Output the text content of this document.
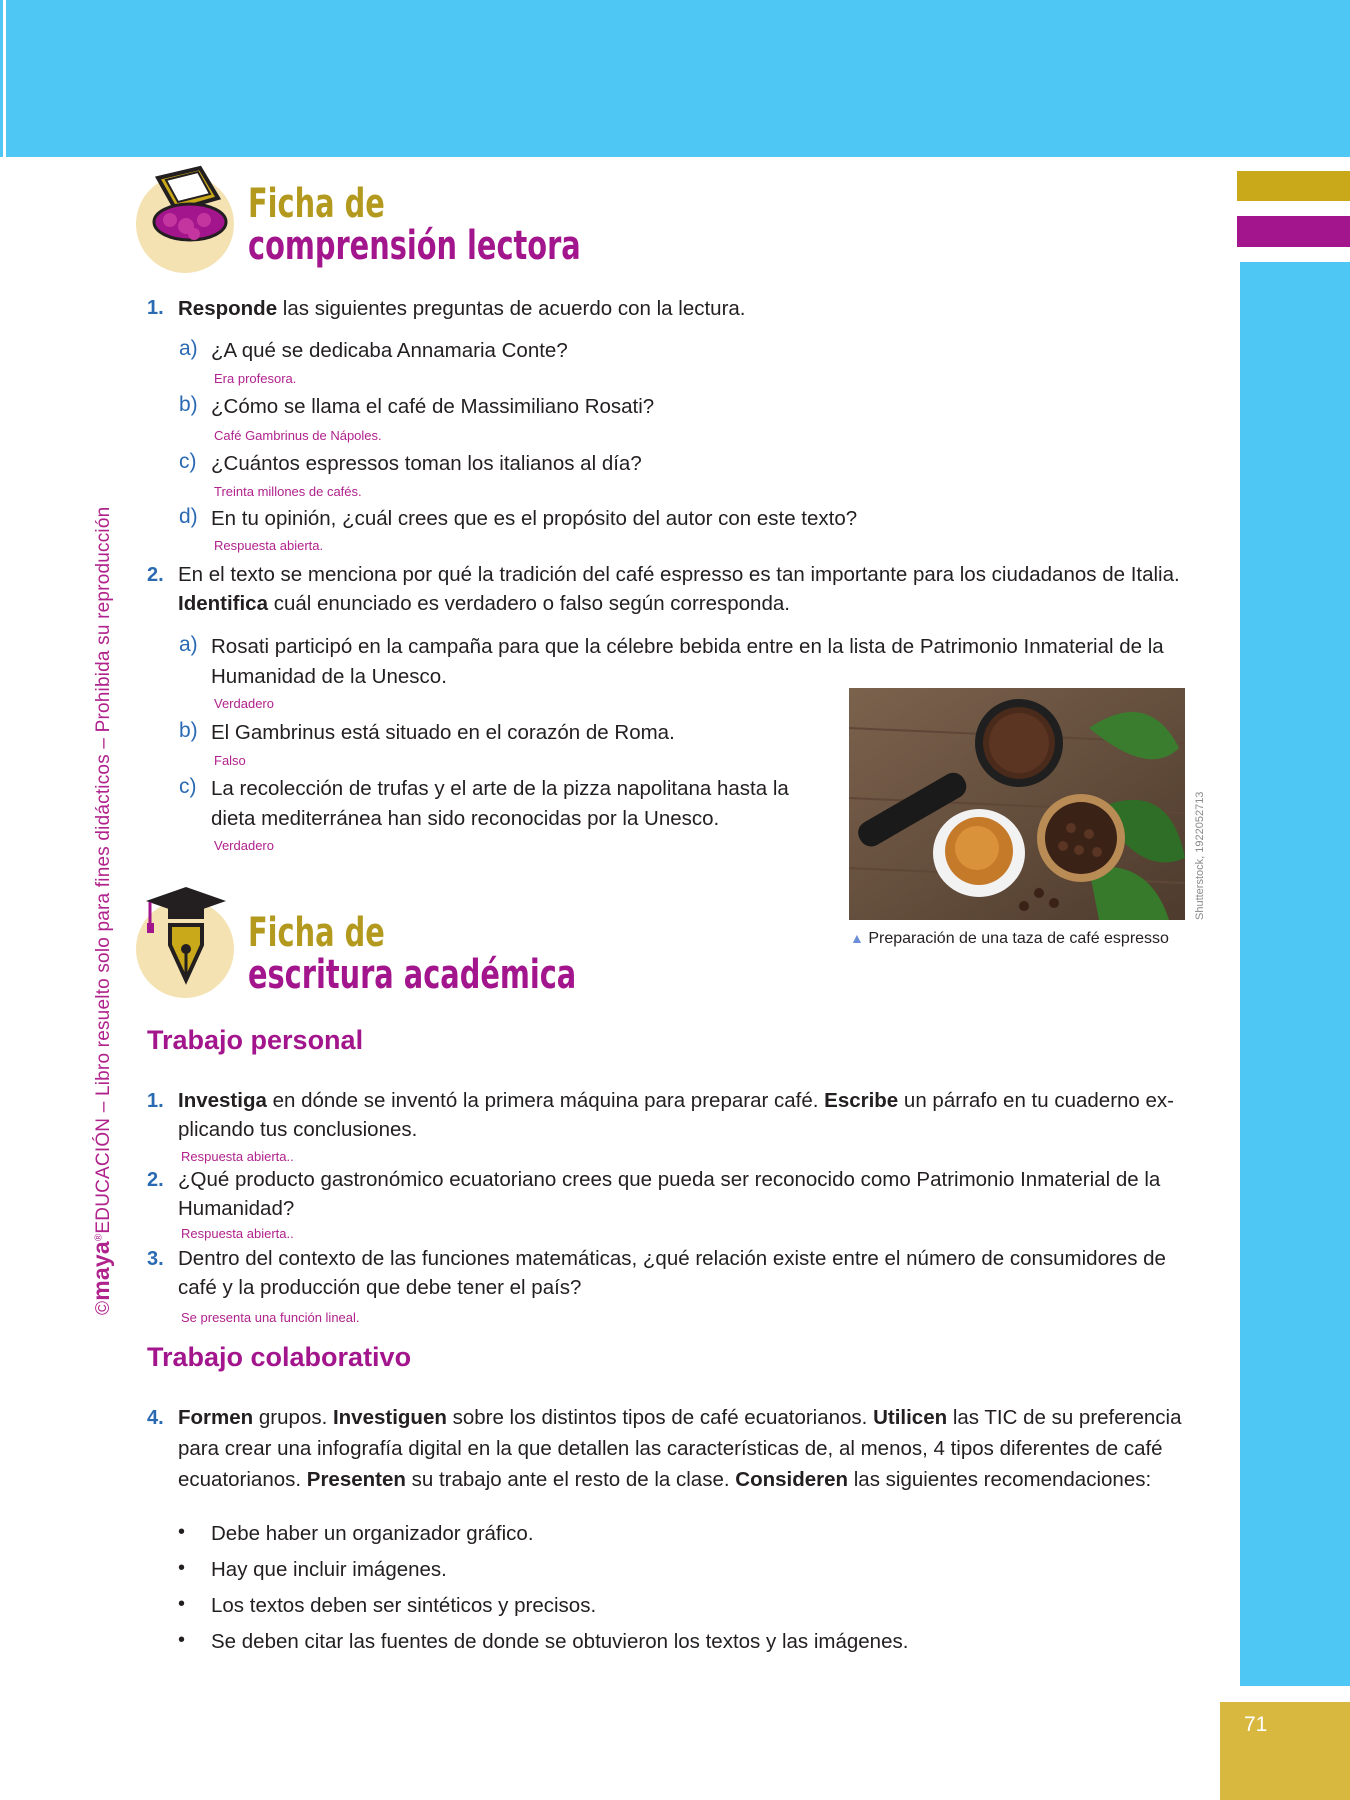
71
©maya®EDUCACIÓN – Libro resuelto solo para fines didácticos – Prohibida su reproducción
Ficha de
comprensión lectora
1. Responde las siguientes preguntas de acuerdo con la lectura.
a) ¿A qué se dedicaba Annamaria Conte?
Era profesora.
b) ¿Cómo se llama el café de Massimiliano Rosati?
Café Gambrinus de Nápoles.
c) ¿Cuántos espressos toman los italianos al día?
Treinta millones de cafés.
d) En tu opinión, ¿cuál crees que es el propósito del autor con este texto?
Respuesta abierta.
2. En el texto se menciona por qué la tradición del café espresso es tan importante para los ciudadanos de Italia.
Identifica cuál enunciado es verdadero o falso según corresponda.
a) Rosati participó en la campaña para que la célebre bebida entre en la lista de Patrimonio Inmaterial de la
Humanidad de la Unesco.
Verdadero
b) El Gambrinus está situado en el corazón de Roma.
Falso
c) La recolección de trufas y el arte de la pizza napolitana hasta la
dieta mediterránea han sido reconocidas por la Unesco.
Verdadero	Shutterstock, 1922052713
▲ Preparación de una taza de café espresso
Ficha de
escritura académica
Trabajo personal
1. Investiga en dónde se inventó la primera máquina para preparar café. Escribe un párrafo en tu cuaderno ex-
plicando tus conclusiones.
Respuesta abierta..
2. ¿Qué producto gastronómico ecuatoriano crees que pueda ser reconocido como Patrimonio Inmaterial de la
Humanidad?
Respuesta abierta..
3. Dentro del contexto de las funciones matemáticas, ¿qué relación existe entre el número de consumidores de
café y la producción que debe tener el país?
Se presenta una función lineal.
Trabajo colaborativo
4. Formen grupos. Investiguen sobre los distintos tipos de café ecuatorianos. Utilicen las TIC de su preferencia
para crear una infografía digital en la que detallen las características de, al menos, 4 tipos diferentes de café
ecuatorianos. Presenten su trabajo ante el resto de la clase. Consideren las siguientes recomendaciones:
• Debe haber un organizador gráfico.
• Hay que incluir imágenes.
• Los textos deben ser sintéticos y precisos.
• Se deben citar las fuentes de donde se obtuvieron los textos y las imágenes.
